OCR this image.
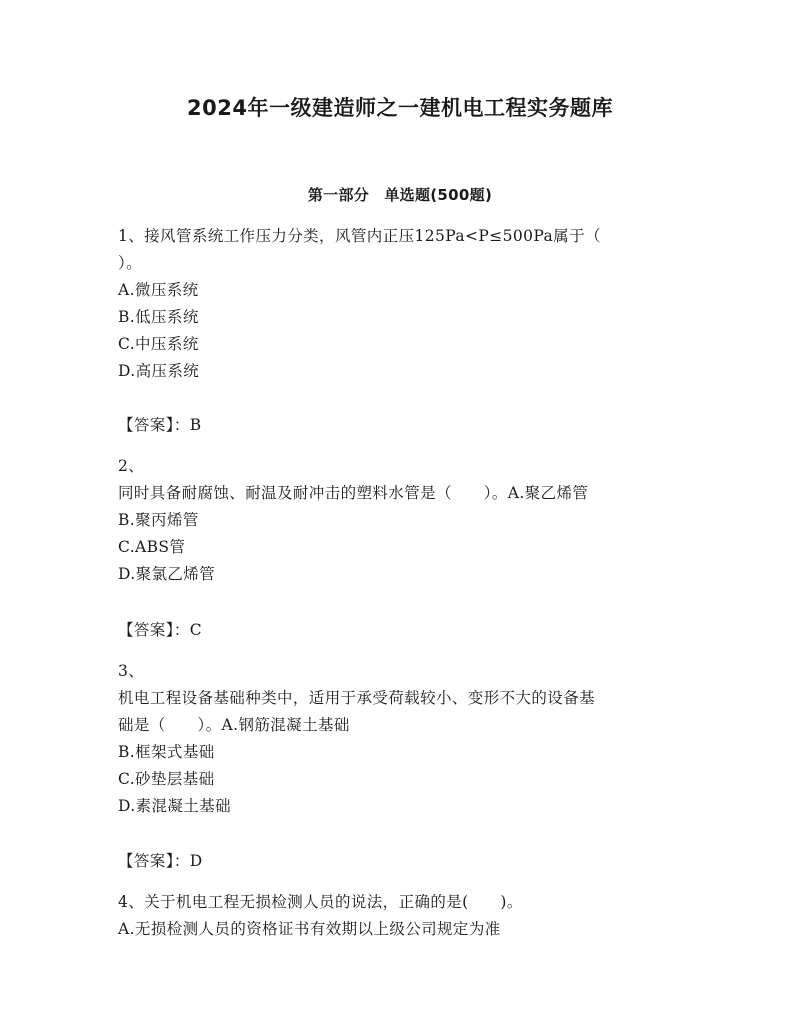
2024年一级建造师之一建机电工程实务题库
第一部分　单选题(500题)
1、接风管系统工作压力分类，风管内正压125Pa<P≤500Pa属于（
）。
A.微压系统
B.低压系统
C.中压系统
D.高压系统
【答案】：B
2、
同时具备耐腐蚀、耐温及耐冲击的塑料水管是（　　）。A.聚乙烯管
B.聚丙烯管
C.ABS管
D.聚氯乙烯管
【答案】：C
3、
机电工程设备基础种类中，适用于承受荷载较小、变形不大的设备基
础是（　　）。A.钢筋混凝土基础
B.框架式基础
C.砂垫层基础
D.素混凝土基础
【答案】：D
4、关于机电工程无损检测人员的说法，正确的是(　　)。
A.无损检测人员的资格证书有效期以上级公司规定为准
